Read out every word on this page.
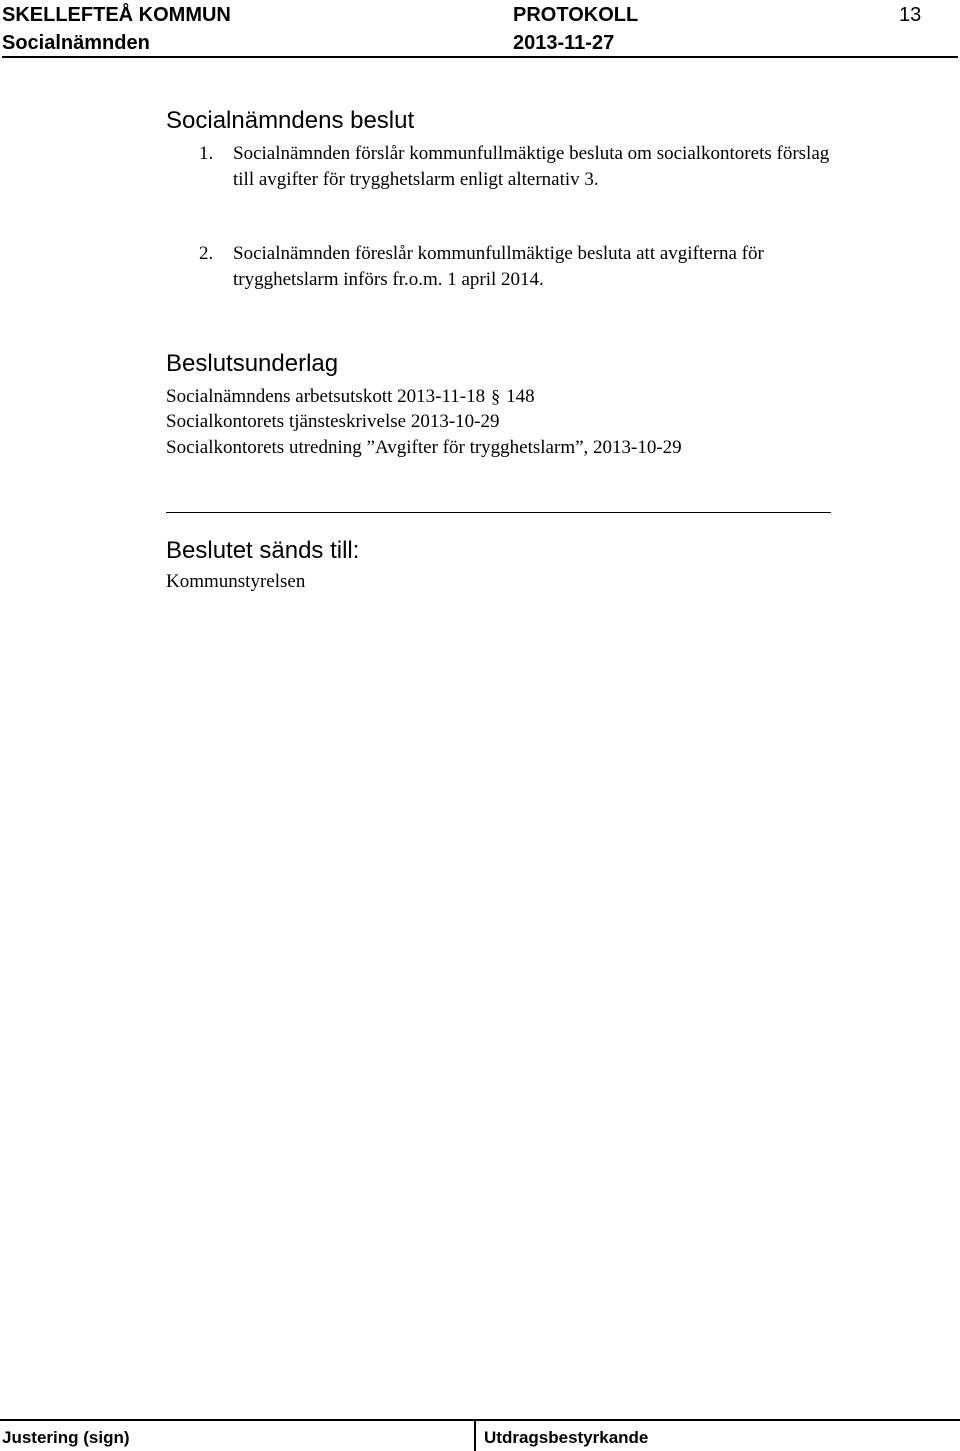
SKELLEFTEÅ KOMMUN
Socialnämnden
PROTOKOLL
2013-11-27
13
Socialnämndens beslut
1. Socialnämnden förslår kommunfullmäktige besluta om socialkontorets förslag till avgifter för trygghetslarm enligt alternativ 3.
2. Socialnämnden föreslår kommunfullmäktige besluta att avgifterna för trygghetslarm införs fr.o.m. 1 april 2014.
Beslutsunderlag
Socialnämndens arbetsutskott 2013-11-18 § 148
Socialkontorets tjänsteskrivelse 2013-10-29
Socialkontorets utredning ”Avgifter för trygghetslarm”, 2013-10-29
Beslutet sänds till:
Kommunstyrelsen
Justering (sign)	Utdragsbestyrkande
